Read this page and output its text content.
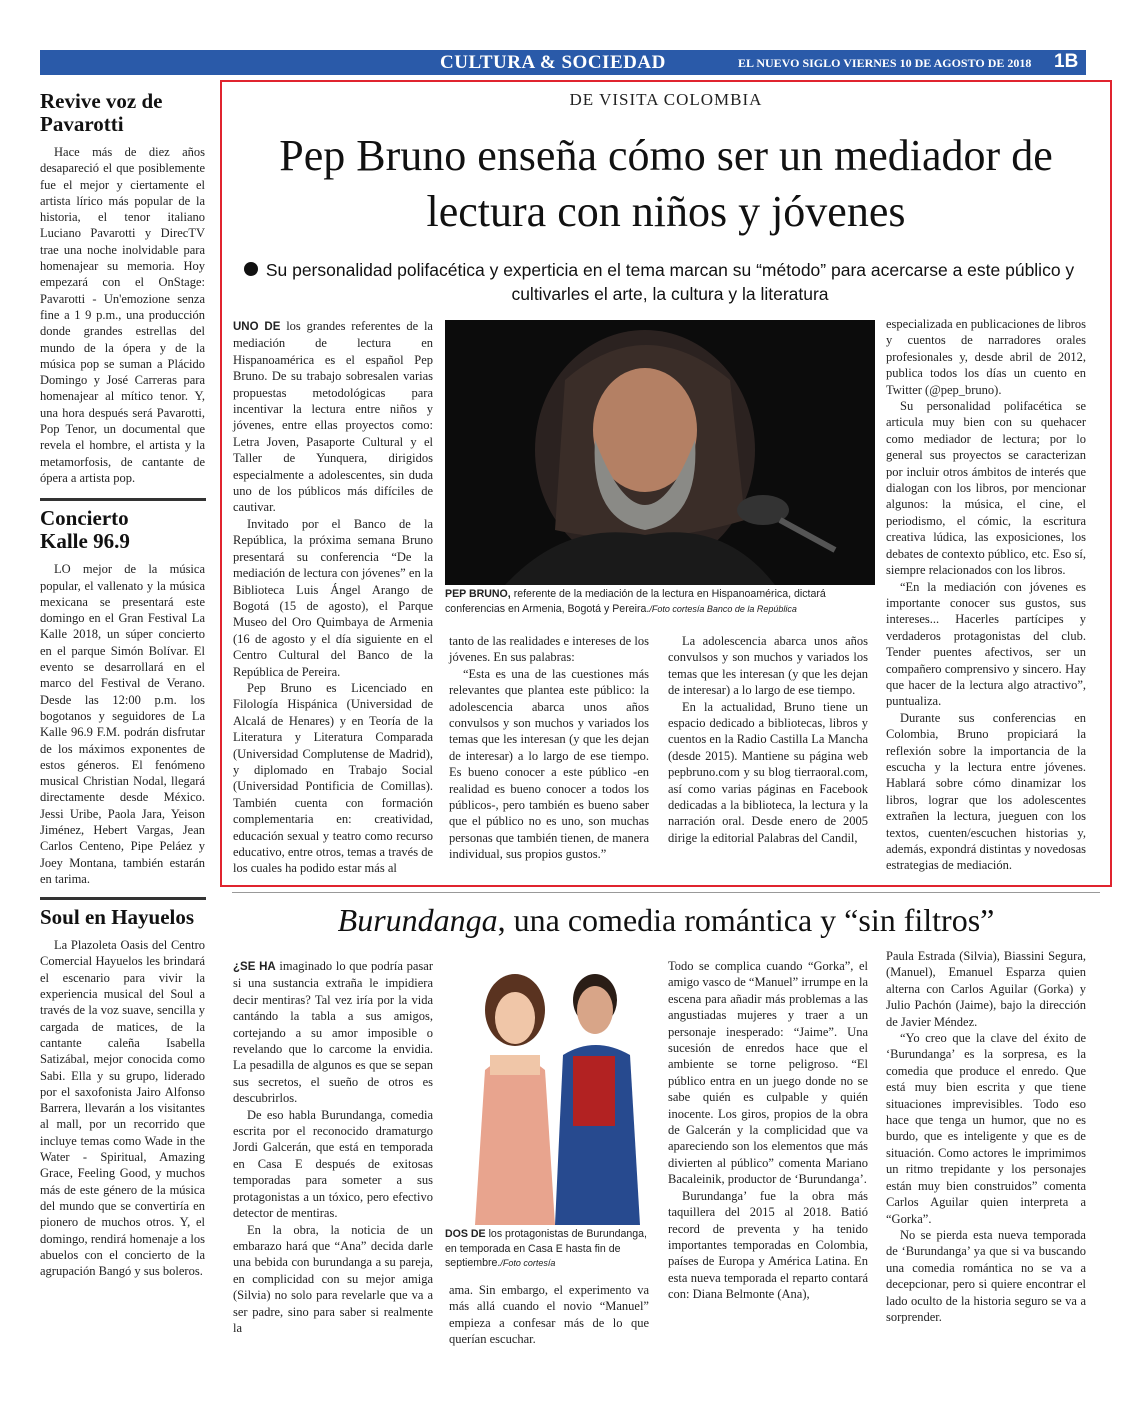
CULTURA & SOCIEDAD	EL NUEVO SIGLO VIERNES 10 DE AGOSTO DE 2018 1B
Revive voz de Pavarotti
Hace más de diez años desapareció el que posiblemente fue el mejor y ciertamente el artista lírico más popular de la historia, el tenor italiano Luciano Pavarotti y DirecTV trae una noche inolvidable para homenajear su memoria. Hoy empezará con el OnStage: Pavarotti - Un'emozione senza fine a 1 9 p.m., una producción donde grandes estrellas del mundo de la ópera y de la música pop se suman a Plácido Domingo y José Carreras para homenajear al mítico tenor. Y, una hora después será Pavarotti, Pop Tenor, un documental que revela el hombre, el artista y la metamorfosis, de cantante de ópera a artista pop.
Concierto Kalle 96.9
LO mejor de la música popular, el vallenato y la música mexicana se presentará este domingo en el Gran Festival La Kalle 2018, un súper concierto en el parque Simón Bolívar. El evento se desarrollará en el marco del Festival de Verano. Desde las 12:00 p.m. los bogotanos y seguidores de La Kalle 96.9 F.M. podrán disfrutar de los máximos exponentes de estos géneros. El fenómeno musical Christian Nodal, llegará directamente desde México. Jessi Uribe, Paola Jara, Yeison Jiménez, Hebert Vargas, Jean Carlos Centeno, Pipe Peláez y Joey Montana, también estarán en tarima.
Soul en Hayuelos
La Plazoleta Oasis del Centro Comercial Hayuelos les brindará el escenario para vivir la experiencia musical del Soul a través de la voz suave, sencilla y cargada de matices, de la cantante caleña Isabella Satizábal, mejor conocida como Sabi. Ella y su grupo, liderado por el saxofonista Jairo Alfonso Barrera, llevarán a los visitantes al mall, por un recorrido que incluye temas como Wade in the Water - Spiritual, Amazing Grace, Feeling Good, y muchos más de este género de la música del mundo que se convertiría en pionero de muchos otros. Y, el domingo, rendirá homenaje a los abuelos con el concierto de la agrupación Bangó y sus boleros.
DE VISITA COLOMBIA
Pep Bruno enseña cómo ser un mediador de lectura con niños y jóvenes
Su personalidad polifacética y experticia en el tema marcan su “método” para acercarse a este público y cultivarles el arte, la cultura y la literatura

UNO DE los grandes referentes de la mediación de lectura en Hispanoamérica es el español Pep Bruno. De su trabajo sobresalen varias propuestas metodológicas para incentivar la lectura entre niños y jóvenes, entre ellas proyectos como: Letra Joven, Pasaporte Cultural y el Taller de Yunquera, dirigidos especialmente a adolescentes, sin duda uno de los públicos más difíciles de cautivar.

Invitado por el Banco de la República, la próxima semana Bruno presentará su conferencia “De la mediación de lectura con jóvenes” en la Biblioteca Luis Ángel Arango de Bogotá (15 de agosto), el Parque Museo del Oro Quimbaya de Armenia (16 de agosto y el día siguiente en el Centro Cultural del Banco de la República de Pereira.

Pep Bruno es Licenciado en Filología Hispánica (Universidad de Alcalá de Henares) y en Teoría de la Literatura y Literatura Comparada (Universidad Complutense de Madrid), y diplomado en Trabajo Social (Universidad Pontificia de Comillas). También cuenta con formación complementaria en: creatividad, educación sexual y teatro como recurso educativo, entre otros, temas a través de los cuales ha podido estar más al

PEP BRUNO, referente de la mediación de la lectura en Hispanoamérica, dictará conferencias en Armenia, Bogotá y Pereira./Foto cortesía Banco de la República

tanto de las realidades e intereses de los jóvenes. En sus palabras:

“Esta es una de las cuestiones más relevantes que plantea este público: la adolescencia abarca unos años convulsos y son muchos y variados los temas que les interesan (y que les dejan de interesar) a lo largo de ese tiempo. Es bueno conocer a este público -en realidad es bueno conocer a todos los públicos-, pero también es bueno saber que el público no es uno, son muchas personas que también tienen, de manera individual, sus propios gustos.”

La adolescencia abarca unos años convulsos y son muchos y variados los temas que les interesan (y que les dejan de interesar) a lo largo de ese tiempo.

En la actualidad, Bruno tiene un espacio dedicado a bibliotecas, libros y cuentos en la Radio Castilla La Mancha (desde 2015). Mantiene su página web pepbruno.com y su blog tierraoral.com, así como varias páginas en Facebook dedicadas a la biblioteca, la lectura y la narración oral. Desde enero de 2005 dirige la editorial Palabras del Candil,

especializada en publicaciones de libros y cuentos de narradores orales profesionales y, desde abril de 2012, publica todos los días un cuento en Twitter (@pep_bruno).

Su personalidad polifacética se articula muy bien con su quehacer como mediador de lectura; por lo general sus proyectos se caracterizan por incluir otros ámbitos de interés que dialogan con los libros, por mencionar algunos: la música, el cine, el periodismo, el cómic, la escritura creativa lúdica, las exposiciones, los debates de contexto público, etc. Eso sí, siempre relacionados con los libros.

“En la mediación con jóvenes es importante conocer sus gustos, sus intereses... Hacerles partícipes y verdaderos protagonistas del club. Tender puentes afectivos, ser un compañero comprensivo y sincero. Hay que hacer de la lectura algo atractivo”, puntualiza.

Durante sus conferencias en Colombia, Bruno propiciará la reflexión sobre la importancia de la escucha y la lectura entre jóvenes. Hablará sobre cómo dinamizar los libros, lograr que los adolescentes extrañen la lectura, jueguen con los textos, cuenten/escuchen historias y, además, expondrá distintas y novedosas estrategias de mediación.

Burundanga, una comedia romántica y “sin filtros”

¿SE HA imaginado lo que podría pasar si una sustancia extraña le impidiera decir mentiras? Tal vez iría por la vida cantándo la tabla a sus amigos, cortejando a su amor imposible o revelando que lo carcome la envidia. La pesadilla de algunos es que se sepan sus secretos, el sueño de otros es descubrirlos.

De eso habla Burundanga, comedia escrita por el reconocido dramaturgo Jordi Galcerán, que está en temporada en Casa E después de exitosas temporadas para someter a sus protagonistas a un tóxico, pero efectivo detector de mentiras.

En la obra, la noticia de un embarazo hará que “Ana” decida darle una bebida con burundanga a su pareja, en complicidad con su mejor amiga (Silvia) no solo para revelarle que va a ser padre, sino para saber si realmente la

DOS DE los protagonistas de Burundanga, en temporada en Casa E hasta fin de septiembre./Foto cortesía

ama. Sin embargo, el experimento va más allá cuando el novio “Manuel” empieza a confesar más de lo que querían escuchar.

Todo se complica cuando “Gorka”, el amigo vasco de “Manuel” irrumpe en la escena para añadir más problemas a las angustiadas mujeres y traer a un personaje inesperado: “Jaime”. Una sucesión de enredos hace que el ambiente se torne peligroso. “El público entra en un juego donde no se sabe quién es culpable y quién inocente. Los giros, propios de la obra de Galcerán y la complicidad que va apareciendo son los elementos que más divierten al público” comenta Mariano Bacaleinik, productor de ‘Burundanga’.

Burundanga’ fue la obra más taquillera del 2015 al 2018. Batió record de preventa y ha tenido importantes temporadas en Colombia, países de Europa y América Latina. En esta nueva temporada el reparto contará con: Diana Belmonte (Ana),

Paula Estrada (Silvia), Biassini Segura, (Manuel), Emanuel Esparza quien alterna con Carlos Aguilar (Gorka) y Julio Pachón (Jaime), bajo la dirección de Javier Méndez.

“Yo creo que la clave del éxito de ‘Burundanga’ es la sorpresa, es la comedia que produce el enredo. Que está muy bien escrita y que tiene situaciones imprevisibles. Todo eso hace que tenga un humor, que no es burdo, que es inteligente y que es de situación. Como actores le imprimimos un ritmo trepidante y los personajes están muy bien construidos” comenta Carlos Aguilar quien interpreta a “Gorka”.

No se pierda esta nueva temporada de ‘Burundanga’ ya que si va buscando una comedia romántica no se va a decepcionar, pero si quiere encontrar el lado oculto de la historia seguro se va a sorprender.
